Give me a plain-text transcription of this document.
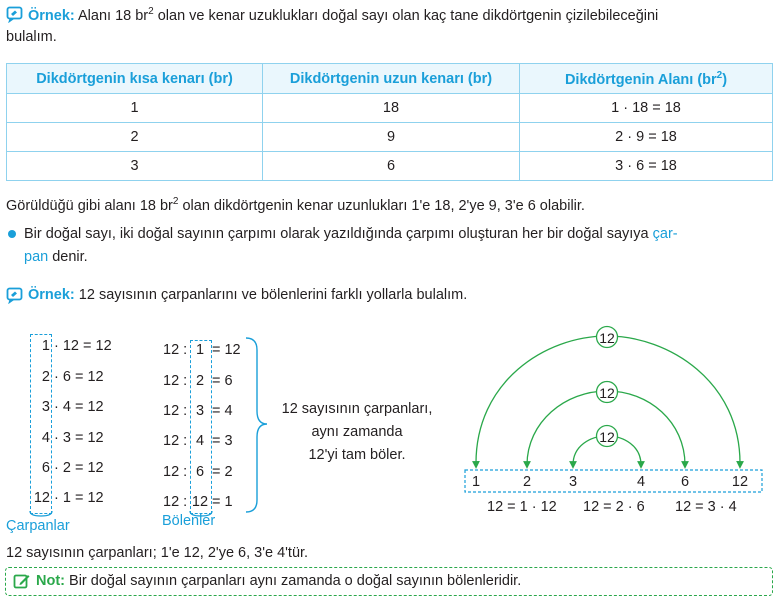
Örnek: Alanı 18 $br^2$ olan ve kenar uzuklukları doğal sayı olan kaç tane dikdörtgenin çizilebileceğini
bulalım.
Dikdörtgenin kısa kenarı (br)	Dikdörtgenin uzun kenarı (br)	Dikdörtgenin Alanı $(br^2)$
1	18	1 · 18 = 18
2	9	2 · 9 = 18
3	6	3 · 6 = 18
Görüldüğü gibi alanı 18 $br^2$ olan dikdörtgenin kenar uzunlukları 1'e 18, 2'ye 9, 3'e 6 olabilir.
Bir doğal sayı, iki doğal sayının çarpımı olarak yazıldığında çarpımı oluşturan her bir doğal sayıya çar-
pan denir.
Örnek: 12 sayısının çarpanlarını ve bölenlerini farklı yollarla bulalım.
1 · 12 = 12
2 · 6 = 12
3 · 4 = 12
4 · 3 = 12
6 · 2 = 12
12 · 1 = 12
Çarpanlar
12 : 1 = 12
12 : 2 = 6
12 : 3 = 4
12 : 4 = 3
12 : 6 = 2
12 : 12 = 1
Bölenler
12 sayısının çarpanları,
aynı zamanda
12'yi tam böler.
12
12
12
1	2	3	4 6	12
12 = 1 · 12 12 = 2 · 6 12 = 3 · 4
12 sayısının çarpanları; 1'e 12, 2'ye 6, 3'e 4'tür.
Not: Bir doğal sayının çarpanları aynı zamanda o doğal sayının bölenleridir.
